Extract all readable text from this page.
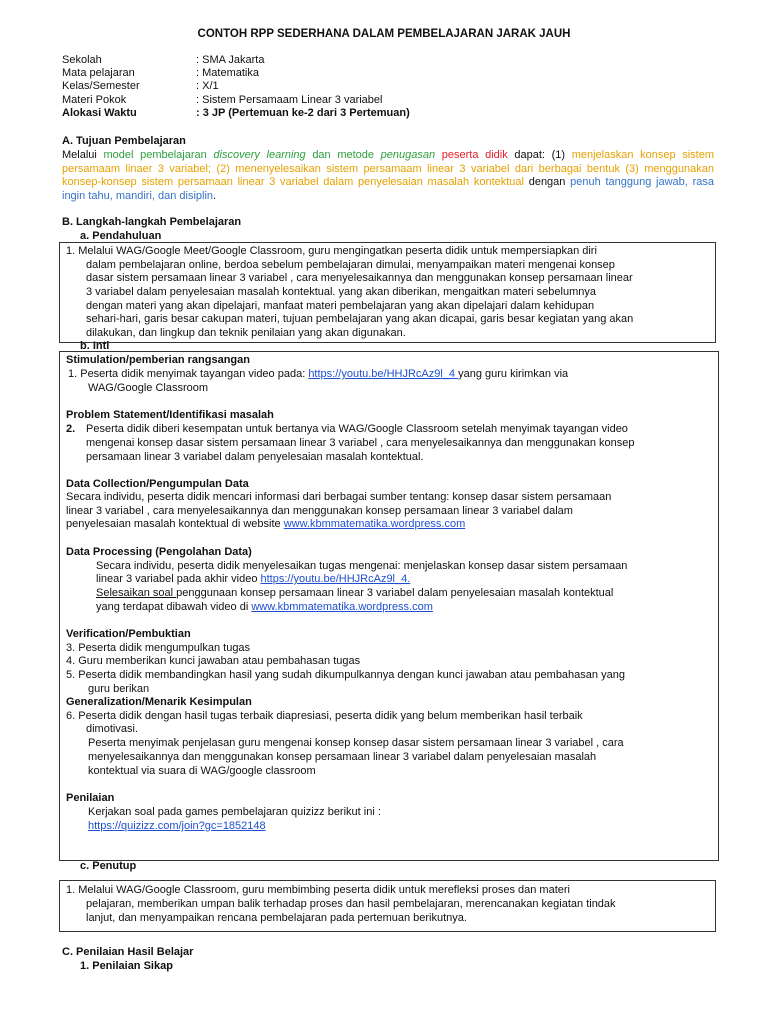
CONTOH RPP SEDERHANA DALAM PEMBELAJARAN JARAK JAUH
Sekolah	: SMA Jakarta
Mata pelajaran	: Matematika
Kelas/Semester	: X/1
Materi Pokok	: Sistem Persamaam Linear 3 variabel
Alokasi Waktu	: 3 JP (Pertemuan ke-2 dari 3 Pertemuan)
A. Tujuan Pembelajaran
Melalui model pembelajaran discovery learning dan metode penugasan peserta didik dapat: (1) menjelaskan konsep sistem persamaam linaer 3 variabel; (2) menenyelesaikan sistem persamaam linear 3 variabel dari berbagai bentuk (3) menggunakan konsep-konsep sistem persamaan linear 3 variabel dalam penyelesaian masalah kontektual dengan penuh tanggung jawab, rasa ingin tahu, mandiri, dan disiplin.
B. Langkah-langkah Pembelajaran
a. Pendahuluan
1. Melalui WAG/Google Meet/Google Classroom, guru mengingatkan peserta didik untuk mempersiapkan diri
dalam pembelajaran online, berdoa sebelum pembelajaran dimulai, menyampaikan materi mengenai konsep
dasar sistem persamaan linear 3 variabel , cara menyelesaikannya dan menggunakan konsep persamaan linear
3 variabel dalam penyelesaian masalah kontektual. yang akan diberikan, mengaitkan materi sebelumnya
dengan materi yang akan dipelajari, manfaat materi pembelajaran yang akan dipelajari dalam kehidupan
sehari-hari, garis besar cakupan materi, tujuan pembelajaran yang akan dicapai, garis besar kegiatan yang akan
dilakukan, dan lingkup dan teknik penilaian yang akan digunakan.
b. Inti
Stimulation/pemberian rangsangan
1. Peserta didik menyimak tayangan video pada: https://youtu.be/HHJRcAz9l_4 yang guru kirimkan via
WAG/Google Classroom
Problem Statement/Identifikasi masalah
2. Peserta didik diberi kesempatan untuk bertanya via WAG/Google Classroom setelah menyimak tayangan video
mengenai konsep dasar sistem persamaan linear 3 variabel , cara menyelesaikannya dan menggunakan konsep
persamaan linear 3 variabel dalam penyelesaian masalah kontektual.
Data Collection/Pengumpulan Data
Secara individu, peserta didik mencari informasi dari berbagai sumber tentang: konsep dasar sistem persamaan
linear 3 variabel , cara menyelesaikannya dan menggunakan konsep persamaan linear 3 variabel dalam
penyelesaian masalah kontektual di website www.kbmmatematika.wordpress.com
Data Processing (Pengolahan Data)
Secara individu, peserta didik menyelesaikan tugas mengenai: menjelaskan konsep dasar sistem persamaan
linear 3 variabel pada akhir video https://youtu.be/HHJRcAz9l_4.
Selesaikan soal penggunaan konsep persamaan linear 3 variabel dalam penyelesaian masalah kontektual
yang terdapat dibawah video di www.kbmmatematika.wordpress.com
Verification/Pembuktian
3. Peserta didik mengumpulkan tugas
4. Guru memberikan kunci jawaban atau pembahasan tugas
5. Peserta didik membandingkan hasil yang sudah dikumpulkannya dengan kunci jawaban atau pembahasan yang
guru berikan
Generalization/Menarik Kesimpulan
6. Peserta didik dengan hasil tugas terbaik diapresiasi, peserta didik yang belum memberikan hasil terbaik
dimotivasi.
Peserta menyimak penjelasan guru mengenai konsep konsep dasar sistem persamaan linear 3 variabel , cara
menyelesaikannya dan menggunakan konsep persamaan linear 3 variabel dalam penyelesaian masalah
kontektual via suara di WAG/google classroom
Penilaian
Kerjakan soal pada games pembelajaran quizizz berikut ini :
https://quizizz.com/join?gc=1852148
c. Penutup
1. Melalui WAG/Google Classroom, guru membimbing peserta didik untuk merefleksi proses dan materi
pelajaran, memberikan umpan balik terhadap proses dan hasil pembelajaran, merencanakan kegiatan tindak
lanjut, dan menyampaikan rencana pembelajaran pada pertemuan berikutnya.
C. Penilaian Hasil Belajar
1. Penilaian Sikap
